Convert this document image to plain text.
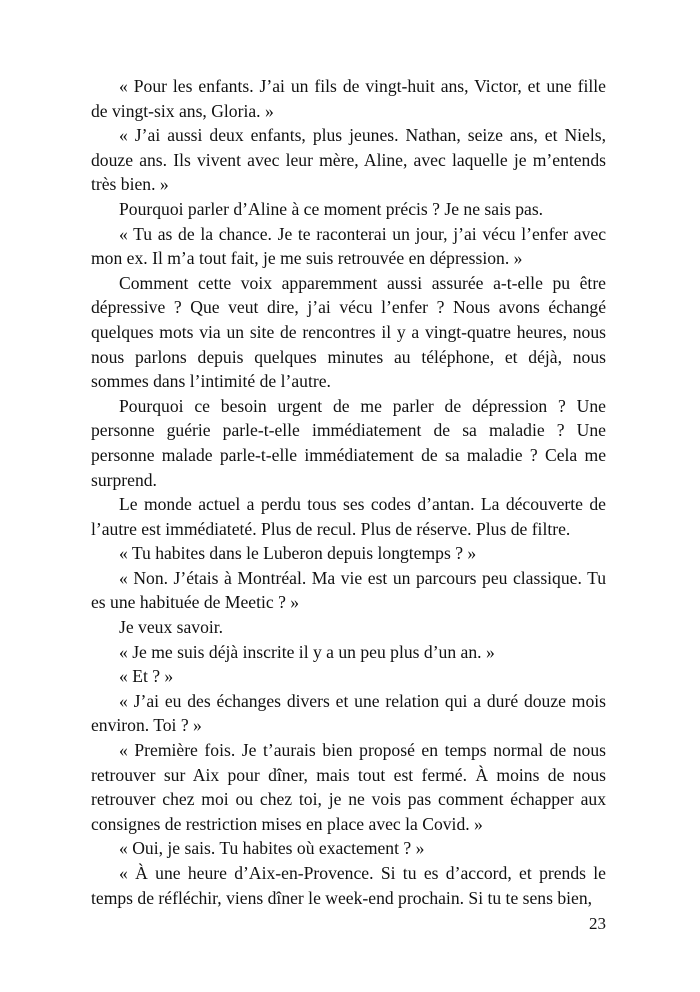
« Pour les enfants. J’ai un fils de vingt-huit ans, Victor, et une fille de vingt-six ans, Gloria. »

« J’ai aussi deux enfants, plus jeunes. Nathan, seize ans, et Niels, douze ans. Ils vivent avec leur mère, Aline, avec laquelle je m’entends très bien. »

Pourquoi parler d’Aline à ce moment précis ? Je ne sais pas.

« Tu as de la chance. Je te raconterai un jour, j’ai vécu l’enfer avec mon ex. Il m’a tout fait, je me suis retrouvée en dépression. »

Comment cette voix apparemment aussi assurée a-t-elle pu être dépressive ? Que veut dire, j’ai vécu l’enfer ? Nous avons échangé quelques mots via un site de rencontres il y a vingt-quatre heures, nous nous parlons depuis quelques minutes au téléphone, et déjà, nous sommes dans l’intimité de l’autre.

Pourquoi ce besoin urgent de me parler de dépression ? Une personne guérie parle-t-elle immédiatement de sa maladie ? Une personne malade parle-t-elle immédiatement de sa maladie ? Cela me surprend.

Le monde actuel a perdu tous ses codes d’antan. La découverte de l’autre est immédiateté. Plus de recul. Plus de réserve. Plus de filtre.

« Tu habites dans le Luberon depuis longtemps ? »

« Non. J’étais à Montréal. Ma vie est un parcours peu classique. Tu es une habituée de Meetic ? »

Je veux savoir.

« Je me suis déjà inscrite il y a un peu plus d’un an. »

« Et ? »

« J’ai eu des échanges divers et une relation qui a duré douze mois environ. Toi ? »

« Première fois. Je t’aurais bien proposé en temps normal de nous retrouver sur Aix pour dîner, mais tout est fermé. À moins de nous retrouver chez moi ou chez toi, je ne vois pas comment échapper aux consignes de restriction mises en place avec la Covid. »

« Oui, je sais. Tu habites où exactement ? »

« À une heure d’Aix-en-Provence. Si tu es d’accord, et prends le temps de réfléchir, viens dîner le week-end prochain. Si tu te sens bien,

23
